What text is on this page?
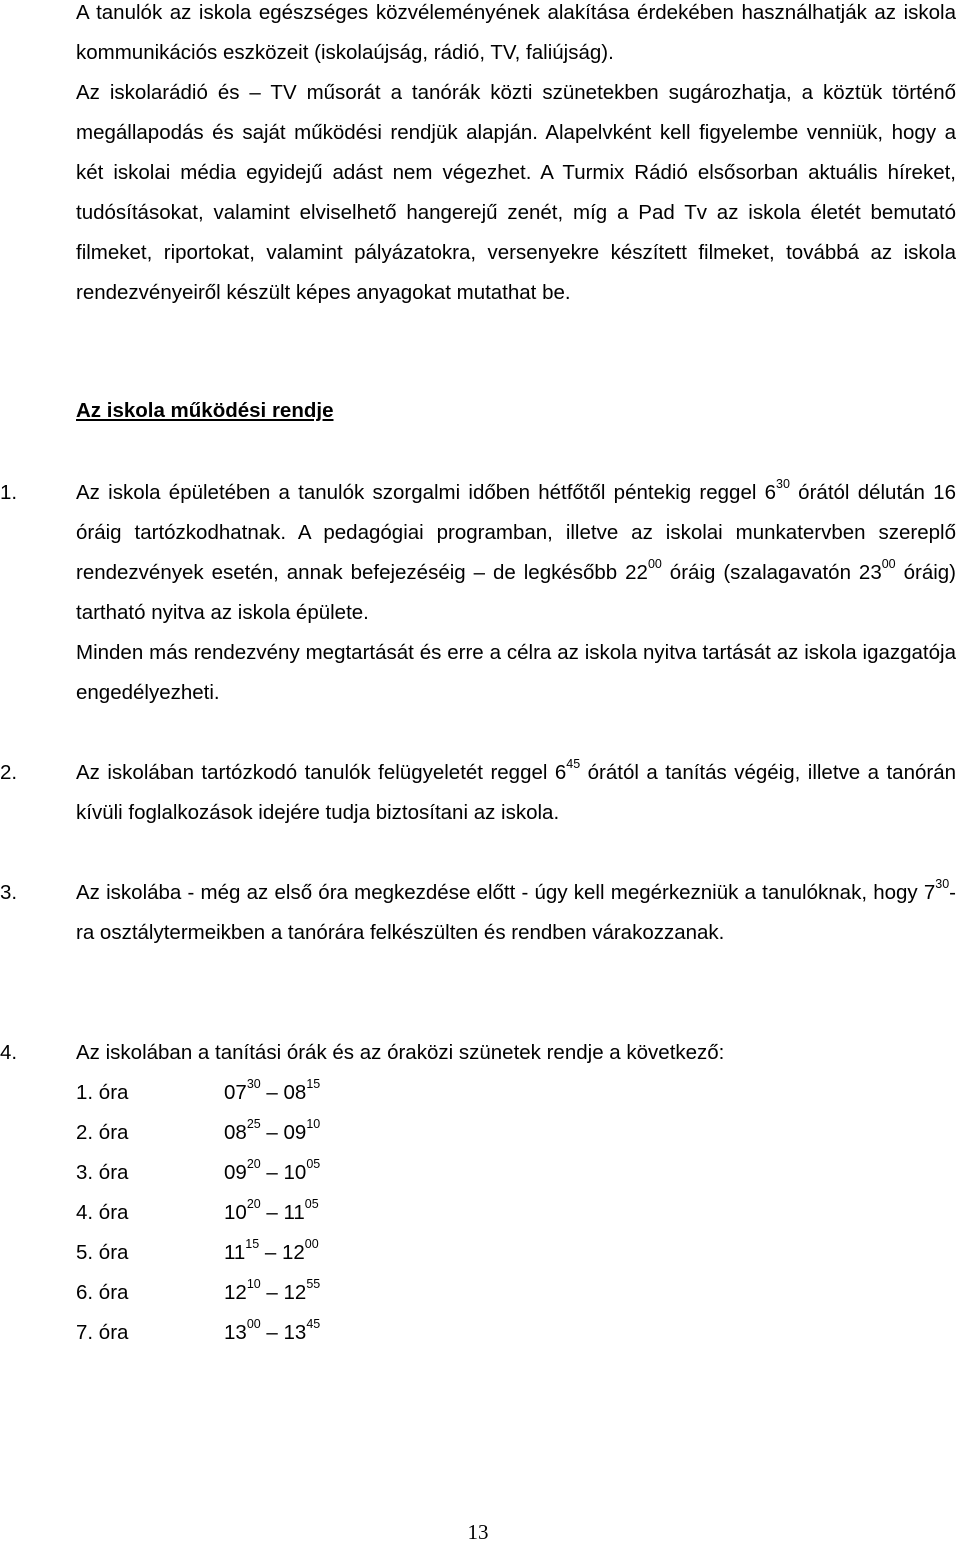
A tanulók az iskola egészséges közvéleményének alakítása érdekében használhatják az iskola kommunikációs eszközeit (iskolaújság, rádió, TV, faliújság).
Az iskolarádió és – TV műsorát a tanórák közti szünetekben sugározhatja, a köztük történő megállapodás és saját működési rendjük alapján. Alapelvként kell figyelembe venniük, hogy a két iskolai média egyidejű adást nem végezhet. A Turmix Rádió elsősorban aktuális híreket, tudósításokat, valamint elviselhető hangerejű zenét, míg a Pad Tv az iskola életét bemutató filmeket, riportokat, valamint pályázatokra, versenyekre készített filmeket, továbbá az iskola rendezvényeiről készült képes anyagokat mutathat be.
Az iskola működési rendje
1.	Az iskola épületében a tanulók szorgalmi időben hétfőtől péntekig reggel $6^{30}$ órától délután 16 óráig tartózkodhatnak. A pedagógiai programban, illetve az iskolai munkatervben szereplő rendezvények esetén, annak befejezéséig – de legkésőbb $22^{00}$ óráig (szalagavatón $23^{00}$ óráig) tartható nyitva az iskola épülete.

Minden más rendezvény megtartását és erre a célra az iskola nyitva tartását az iskola igazgatója engedélyezheti.

2.	Az iskolában tartózkodó tanulók felügyeletét reggel $6^{45}$ órától a tanítás végéig, illetve a tanórán kívüli foglalkozások idejére tudja biztosítani az iskola.

3.	Az iskolába - még az első óra megkezdése előtt - úgy kell megérkezniük a tanulóknak, hogy $7^{30}-ra$ osztálytermeikben a tanórára felkészülten és rendben várakozzanak.

4.	Az iskolában a tanítási órák és az óraközi szünetek rendje a következő:

1. óra	$07^{30} - 08^{15}$
2. óra	$08^{25} - 09^{10}$
3. óra	$09^{20} - 10^{05}$
4. óra	$10^{20} - 11^{05}$
5. óra	$11^{15} - 12^{00}$
6. óra	$12^{10} - 12^{55}$
7. óra	$13^{00} - 13^{45}$
13
